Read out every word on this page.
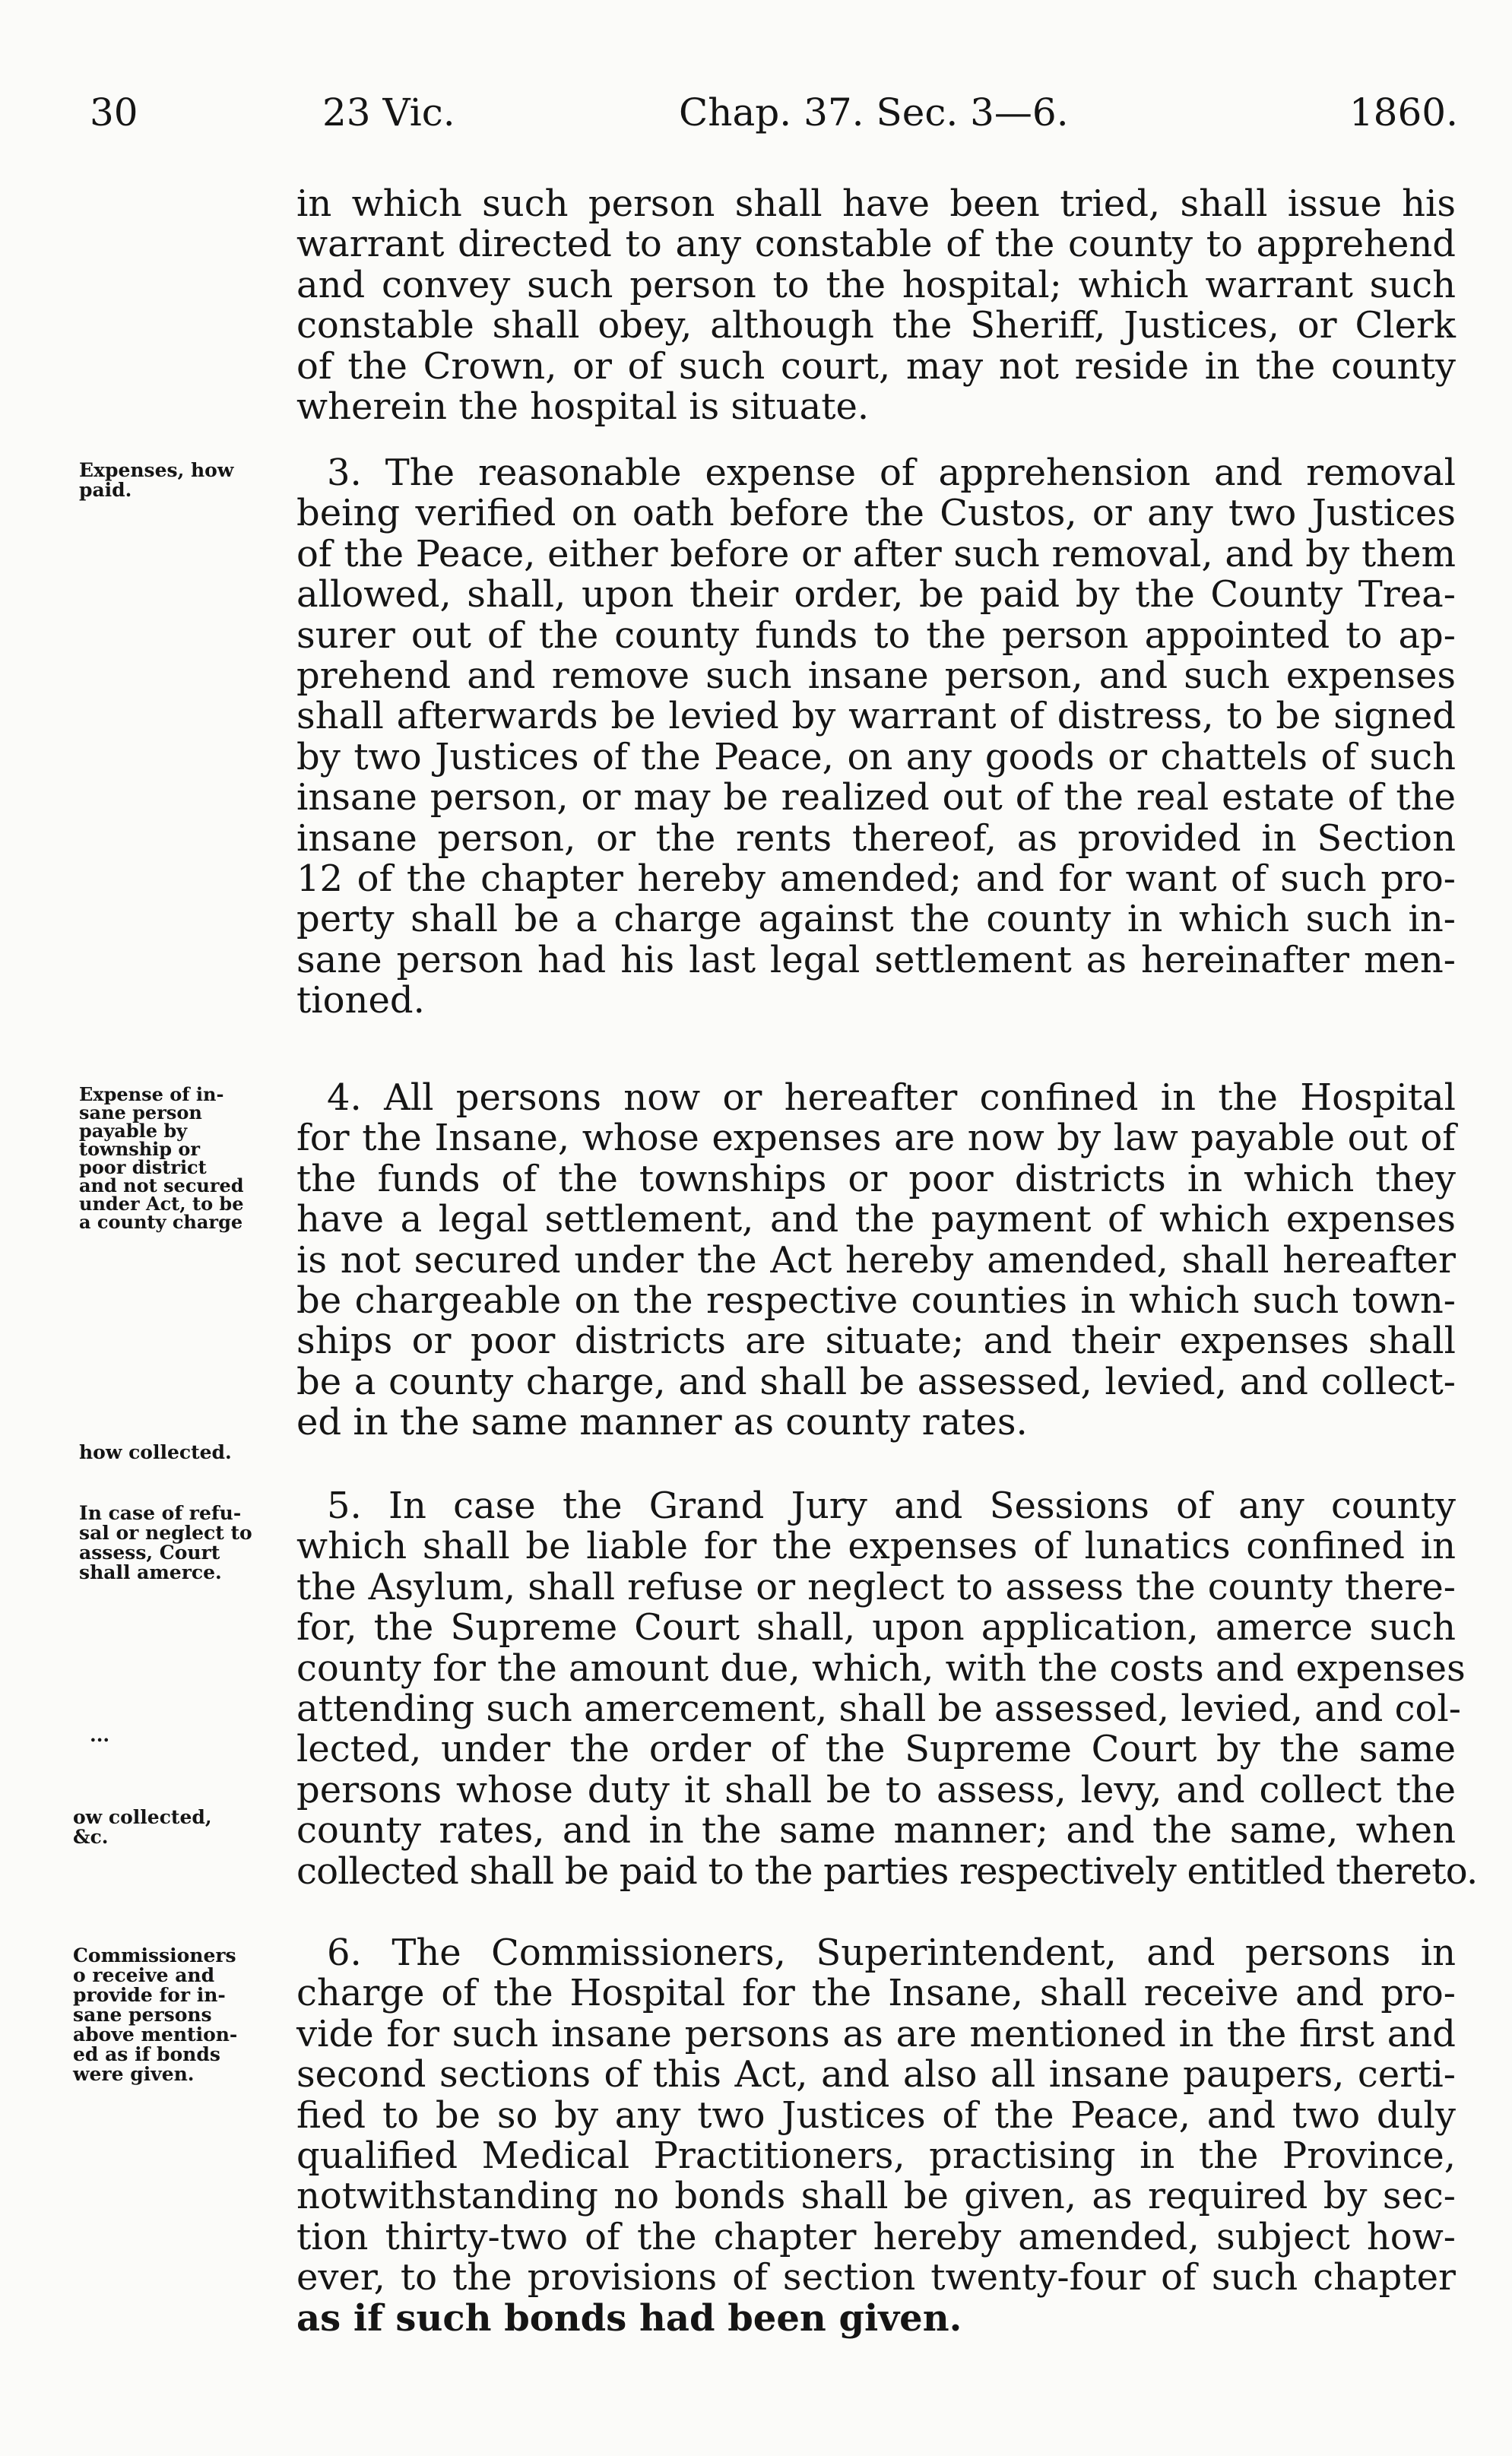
30	23 Vic.	Chap. 37. Sec. 3—6.	1860.
in which such person shall have been tried, shall issue his
warrant directed to any constable of the county to apprehend
and convey such person to the hospital; which warrant such
constable shall obey, although the Sheriff, Justices, or Clerk
of the Crown, or of such court, may not reside in the county
wherein the hospital is situate.
3. The reasonable expense of apprehension and removal
being verified on oath before the Custos, or any two Justices
of the Peace, either before or after such removal, and by them
allowed, shall, upon their order, be paid by the County Trea-
surer out of the county funds to the person appointed to ap-
prehend and remove such insane person, and such expenses
shall afterwards be levied by warrant of distress, to be signed
by two Justices of the Peace, on any goods or chattels of such
insane person, or may be realized out of the real estate of the
insane person, or the rents thereof, as provided in Section
12 of the chapter hereby amended; and for want of such pro-
perty shall be a charge against the county in which such in-
sane person had his last legal settlement as hereinafter men-
tioned.
4. All persons now or hereafter confined in the Hospital
for the Insane, whose expenses are now by law payable out of
the funds of the townships or poor districts in which they
have a legal settlement, and the payment of which expenses
is not secured under the Act hereby amended, shall hereafter
be chargeable on the respective counties in which such town-
ships or poor districts are situate; and their expenses shall
be a county charge, and shall be assessed, levied, and collect-
ed in the same manner as county rates.
5. In case the Grand Jury and Sessions of any county
which shall be liable for the expenses of lunatics confined in
the Asylum, shall refuse or neglect to assess the county there-
for, the Supreme Court shall, upon application, amerce such
county for the amount due, which, with the costs and expenses
attending such amercement, shall be assessed, levied, and col-
lected, under the order of the Supreme Court by the same
persons whose duty it shall be to assess, levy, and collect the
county rates, and in the same manner; and the same, when
collected shall be paid to the parties respectively entitled thereto.
6. The Commissioners, Superintendent, and persons in
charge of the Hospital for the Insane, shall receive and pro-
vide for such insane persons as are mentioned in the first and
second sections of this Act, and also all insane paupers, certi-
fied to be so by any two Justices of the Peace, and two duly
qualified Medical Practitioners, practising in the Province,
notwithstanding no bonds shall be given, as required by sec-
tion thirty-two of the chapter hereby amended, subject how-
ever, to the provisions of section twenty-four of such chapter
as if such bonds had been given.
Expenses, how
paid.
Expense of in-
sane person
payable by
township or
poor district
and not secured
under Act, to be
a county charge
how collected.
In case of refu-
sal or neglect to
assess, Court
shall amerce.
...
ow collected,
&c.
Commissioners
o receive and
provide for in-
sane persons
above mention-
ed as if bonds
were given.
